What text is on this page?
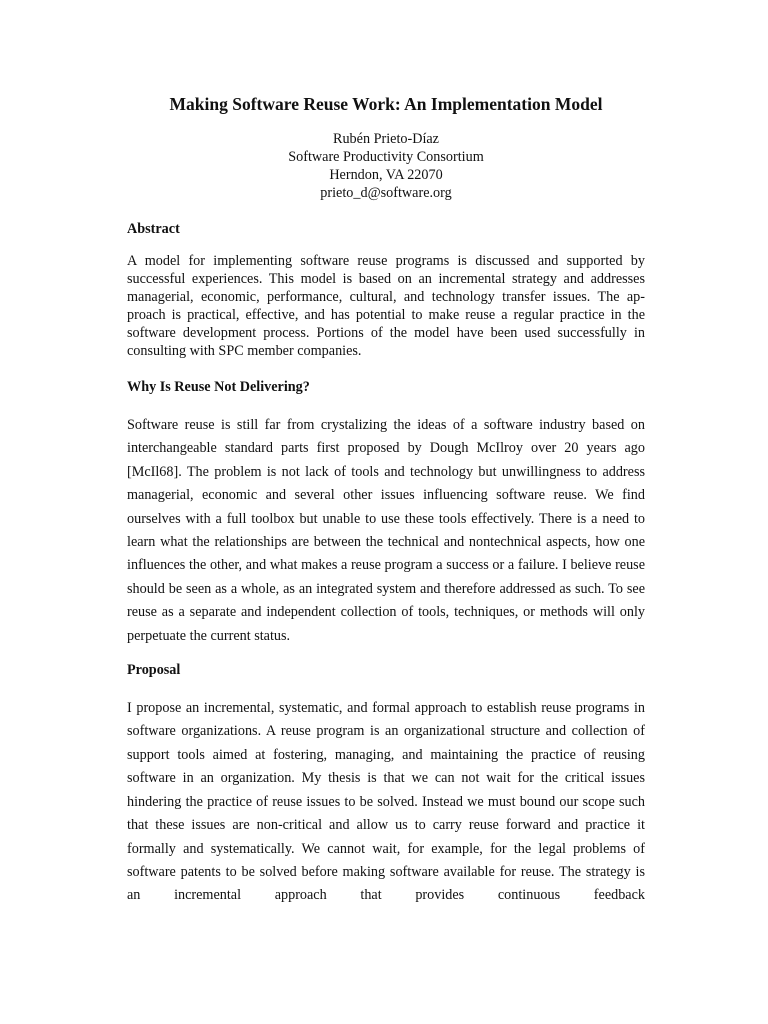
Making Software Reuse Work: An Implementation Model
Rubén Prieto-Díaz
Software Productivity Consortium
Herndon, VA 22070
prieto_d@software.org
Abstract

A model for implementing software reuse programs is discussed and supported by successful experiences. This model is based on an incremental strategy and addresses managerial, economic, performance, cultural, and technology transfer issues. The ap-proach is practical, effective, and has potential to make reuse a regular practice in the software development process. Portions of the model have been used successfully in consulting with SPC member companies.

Why Is Reuse Not Delivering?

Software reuse is still far from crystalizing the ideas of a software industry based on interchangeable standard parts first proposed by Dough McIlroy over 20 years ago [McIl68]. The problem is not lack of tools and technology but unwillingness to address managerial, economic and several other issues influencing software reuse. We find ourselves with a full toolbox but unable to use these tools effectively. There is a need to learn what the relationships are between the technical and nontechnical aspects, how one influences the other, and what makes a reuse program a success or a failure. I believe reuse should be seen as a whole, as an integrated system and therefore addressed as such. To see reuse as a separate and independent collection of tools, techniques, or methods will only perpetuate the current status.

Proposal

I propose an incremental, systematic, and formal approach to establish reuse programs in software organizations. A reuse program is an organizational structure and collection of support tools aimed at fostering, managing, and maintaining the practice of reusing software in an organization. My thesis is that we can not wait for the critical issues hindering the practice of reuse issues to be solved. Instead we must bound our scope such that these issues are non-critical and allow us to carry reuse forward and practice it formally and systematically. We cannot wait, for example, for the legal problems of software patents to be solved before making software available for reuse. The strategy is an incremental approach that provides continuous feedback
